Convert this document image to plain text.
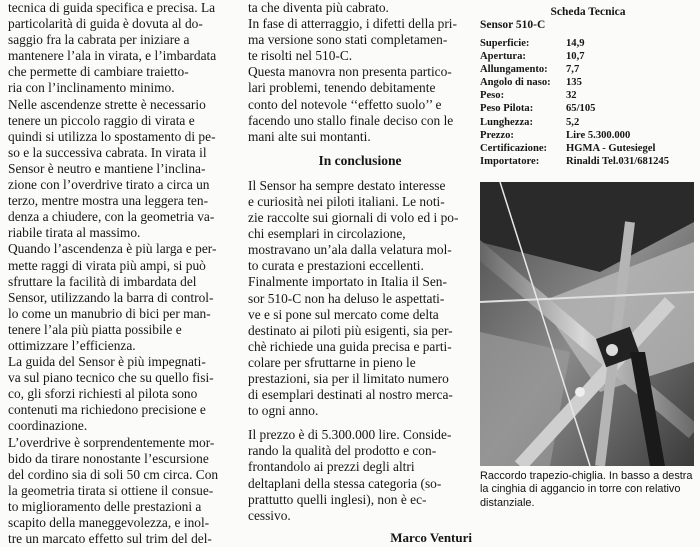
tecnica di guida specifica e precisa. La
particolarità di guida è dovuta al do-
saggio fra la cabrata per iniziare a
mantenere l’ala in virata, e l’imbardata
che permette di cambiare traietto-
ria con l’inclinamento minimo.
Nelle ascendenze strette è necessario
tenere un piccolo raggio di virata e
quindi si utilizza lo spostamento di pe-
so e la successiva cabrata. In virata il
Sensor è neutro e mantiene l’inclina-
zione con l’overdrive tirato a circa un
terzo, mentre mostra una leggera ten-
denza a chiudere, con la geometria va-
riabile tirata al massimo.
Quando l’ascendenza è più larga e per-
mette raggi di virata più ampi, si può
sfruttare la facilità di imbardata del
Sensor, utilizzando la barra di control-
lo come un manubrio di bici per man-
tenere l’ala più piatta possibile e
ottimizzare l’efficienza.
La guida del Sensor è più impegnati-
va sul piano tecnico che su quello fisi-
co, gli sforzi richiesti al pilota sono
contenuti ma richiedono precisione e
coordinazione.
L’overdrive è sorprendentemente mor-
bido da tirare nonostante l’escursione
del cordino sia di soli 50 cm circa. Con
la geometria tirata si ottiene il consue-
to miglioramento delle prestazioni a
scapito della maneggevolezza, e inol-
tre un marcato effetto sul trim del del-
ta che diventa più cabrato.
In fase di atterraggio, i difetti della pri-
ma versione sono stati completamen-
te risolti nel 510-C.
Questa manovra non presenta partico-
lari problemi, tenendo debitamente
conto del notevole ‘‘effetto suolo’’ e
facendo uno stallo finale deciso con le
mani alte sui montanti.
In conclusione
Il Sensor ha sempre destato interesse
e curiosità nei piloti italiani. Le noti-
zie raccolte sui giornali di volo ed i po-
chi esemplari in circolazione,
mostravano un’ala dalla velatura mol-
to curata e prestazioni eccellenti.
Finalmente importato in Italia il Sen-
sor 510-C non ha deluso le aspettati-
ve e si pone sul mercato come delta
destinato ai piloti più esigenti, sia per-
chè richiede una guida precisa e parti-
colare per sfruttarne in pieno le
prestazioni, sia per il limitato numero
di esemplari destinati al nostro merca-
to ogni anno.
Il prezzo è di 5.300.000 lire. Conside-
rando la qualità del prodotto e con-
frontandolo ai prezzi degli altri
deltaplani della stessa categoria (so-
prattutto quelli inglesi), non è ec-
cessivo.
Marco Venturi
Scheda Tecnica
Sensor 510-C
Superficie:	14,9
Apertura:	10,7
Allungamento:	7,7
Angolo di naso:	135
Peso:	32
Peso Pilota:	65/105
Lunghezza:	5,2
Prezzo:	Lire 5.300.000
Certificazione:	HGMA - Gutesiegel
Importatore:	Rinaldi Tel.031/681245
Raccordo trapezio-chiglia. In basso a destra la cinghia di aggancio in torre con relativo distanziale.
